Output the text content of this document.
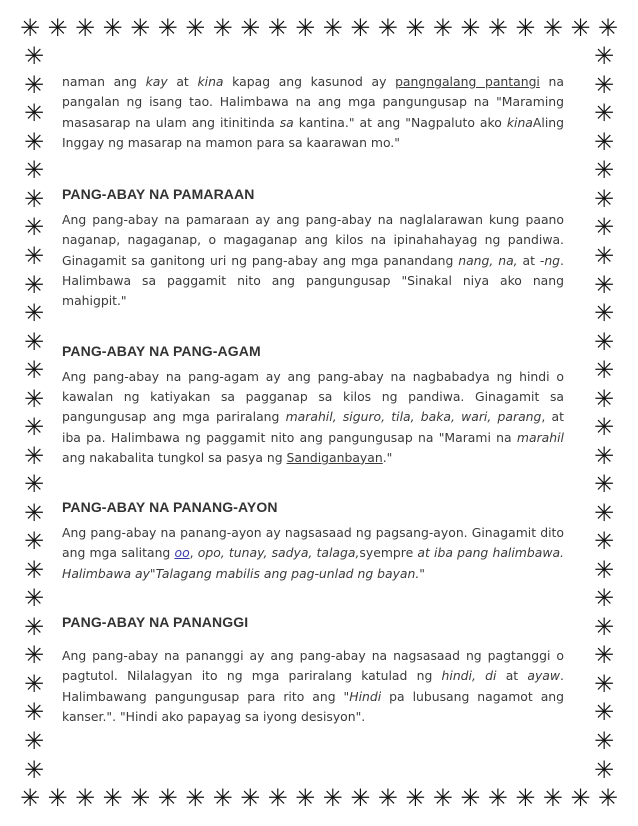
✳ ✳ ✳ ✳ ✳ ✳ ✳ ✳ ✳ ✳ ✳ ✳ ✳ ✳ ✳ ✳ ✳ ✳ ✳ ✳ ✳ ✳
✳ ✳ ✳ ✳ ✳ ✳ ✳ ✳ ✳ ✳ ✳ ✳ ✳ ✳ ✳ ✳ ✳ ✳ ✳ ✳ ✳ ✳
✳
✳
✳
✳
✳
✳
✳
✳
✳
✳
✳
✳
✳
✳
✳
✳
✳
✳
✳
✳
✳
✳
✳
✳
✳
✳
✳
✳
✳
✳
✳
✳
✳
✳
✳
✳
✳
✳
✳
✳
✳
✳
✳
✳
✳
✳
✳
✳
✳
✳
✳
✳

naman ang kay at kina kapag ang kasunod ay pangngalang pantangi na pangalan ng isang tao. Halimbawa na ang mga pangungusap na "Maraming masasarap na ulam ang itinitinda sa kantina." at ang "Nagpaluto ako kinaAling Inggay ng masarap na mamon para sa kaarawan mo."

PANG-ABAY NA PAMARAAN

Ang pang-abay na pamaraan ay ang pang-abay na naglalarawan kung paano naganap, nagaganap, o magaganap ang kilos na ipinahahayag ng pandiwa. Ginagamit sa ganitong uri ng pang-abay ang mga panandang nang, na, at -ng. Halimbawa sa paggamit nito ang pangungusap "Sinakal niya ako nang mahigpit."

PANG-ABAY NA PANG-AGAM

Ang pang-abay na pang-agam ay ang pang-abay na nagbabadya ng hindi o kawalan ng katiyakan sa pagganap sa kilos ng pandiwa. Ginagamit sa pangungusap ang mga pariralang marahil, siguro, tila, baka, wari, parang, at iba pa. Halimbawa ng paggamit nito ang pangungusap na "Marami na marahil ang nakabalita tungkol sa pasya ng Sandiganbayan."

PANG-ABAY NA PANANG-AYON

Ang pang-abay na panang-ayon ay nagsasaad ng pagsang-ayon. Ginagamit dito ang mga salitang oo, opo, tunay, sadya, talaga,syempre at iba pang halimbawa. Halimbawa ay"Talagang mabilis ang pag-unlad ng bayan."

PANG-ABAY NA PANANGGI

Ang pang-abay na pananggi ay ang pang-abay na nagsasaad ng pagtanggi o pagtutol. Nilalagyan ito ng mga pariralang katulad ng hindi, di at ayaw. Halimbawang pangungusap para rito ang "Hindi pa lubusang nagamot ang kanser.". "Hindi ako papayag sa iyong desisyon".
